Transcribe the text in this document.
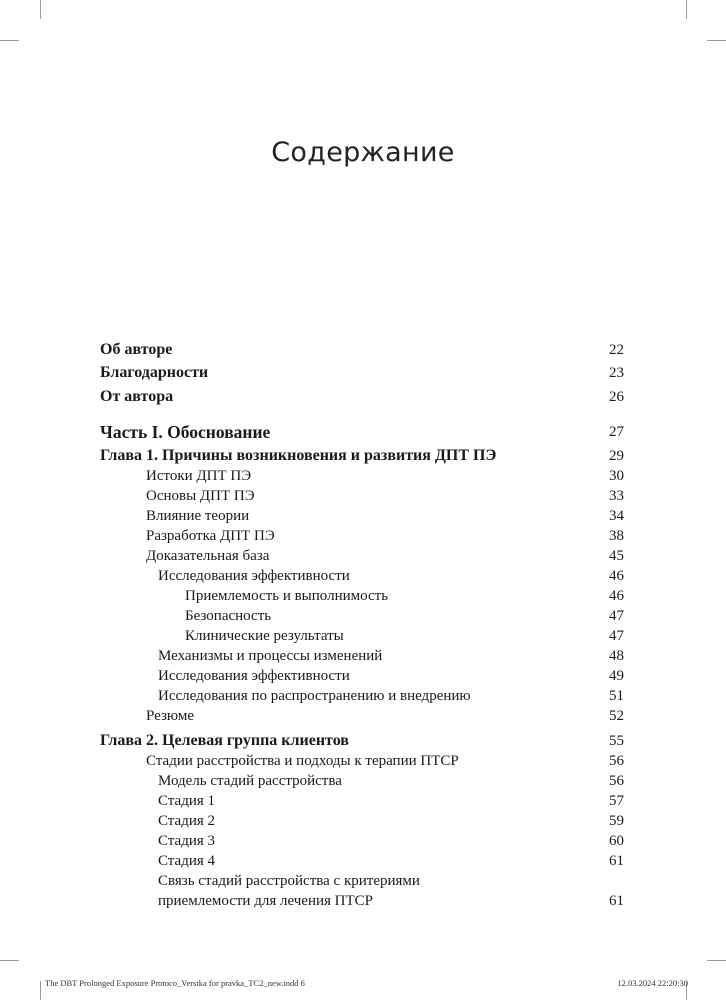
Содержание
Об авторе	22
Благодарности	23
От автора	26
Часть I. Обоснование	27
Глава 1. Причины возникновения и развития ДПТ ПЭ	29
Истоки ДПТ ПЭ	30
Основы ДПТ ПЭ	33
Влияние теории	34
Разработка ДПТ ПЭ	38
Доказательная база	45
Исследования эффективности	46
Приемлемость и выполнимость	46
Безопасность	47
Клинические результаты	47
Механизмы и процессы изменений	48
Исследования эффективности	49
Исследования по распространению и внедрению	51
Резюме	52
Глава 2. Целевая группа клиентов	55
Стадии расстройства и подходы к терапии ПТСР	56
Модель стадий расстройства	56
Стадия 1	57
Стадия 2	59
Стадия 3	60
Стадия 4	61
Связь стадий расстройства с критериями
приемлемости для лечения ПТСР	61
The DBT Prolonged Exposure Protoco_Verstka for pravka_TC2_new.indd 6	12.03.2024 22:20:30
